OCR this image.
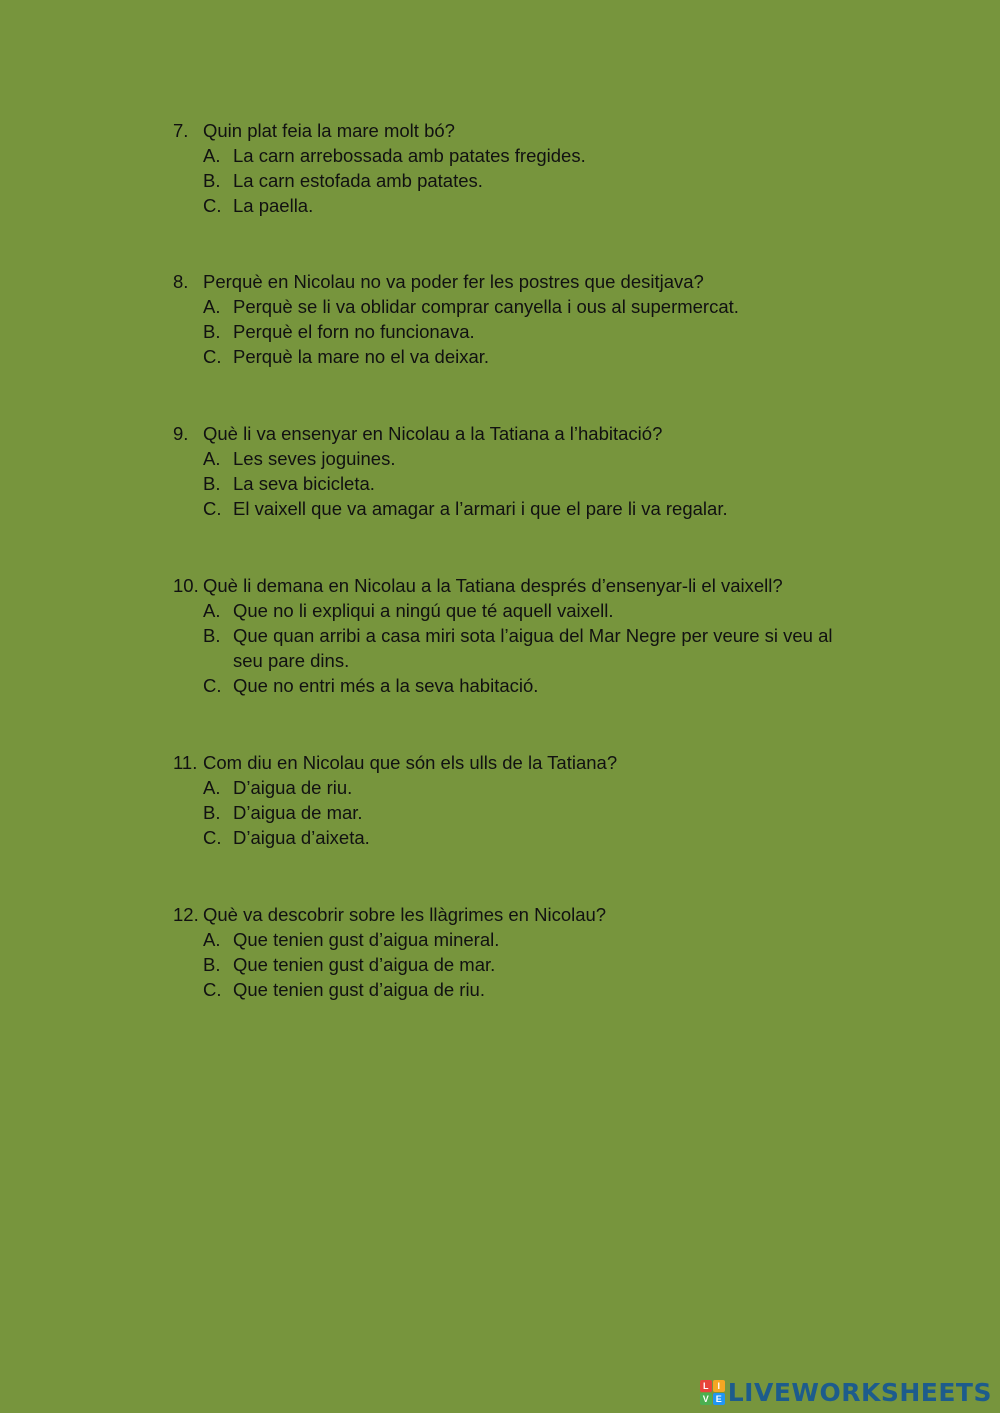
7. Quin plat feia la mare molt bó?
A. La carn arrebossada amb patates fregides.
B. La carn estofada amb patates.
C. La paella.
8. Perquè en Nicolau no va poder fer les postres que desitjava?
A. Perquè se li va oblidar comprar canyella i ous al supermercat.
B. Perquè el forn no funcionava.
C. Perquè la mare no el va deixar.
9. Què li va ensenyar en Nicolau a la Tatiana a l’habitació?
A. Les seves joguines.
B. La seva bicicleta.
C. El vaixell que va amagar a l’armari i que el pare li va regalar.
10. Què li demana en Nicolau a la Tatiana després d’ensenyar-li el vaixell?
A. Que no li expliqui a ningú que té aquell vaixell.
B. Que quan arribi a casa miri sota l’aigua del Mar Negre per veure si veu al seu pare dins.
C. Que no entri més a la seva habitació.
11. Com diu en Nicolau que són els ulls de la Tatiana?
A. D’aigua de riu.
B. D’aigua de mar.
C. D’aigua d’aixeta.
12. Què va descobrir sobre les llàgrimes en Nicolau?
A. Que tenien gust d’aigua mineral.
B. Que tenien gust d’aigua de mar.
C. Que tenien gust d’aigua de riu.
L I
V E LIVEWORKSHEETS
